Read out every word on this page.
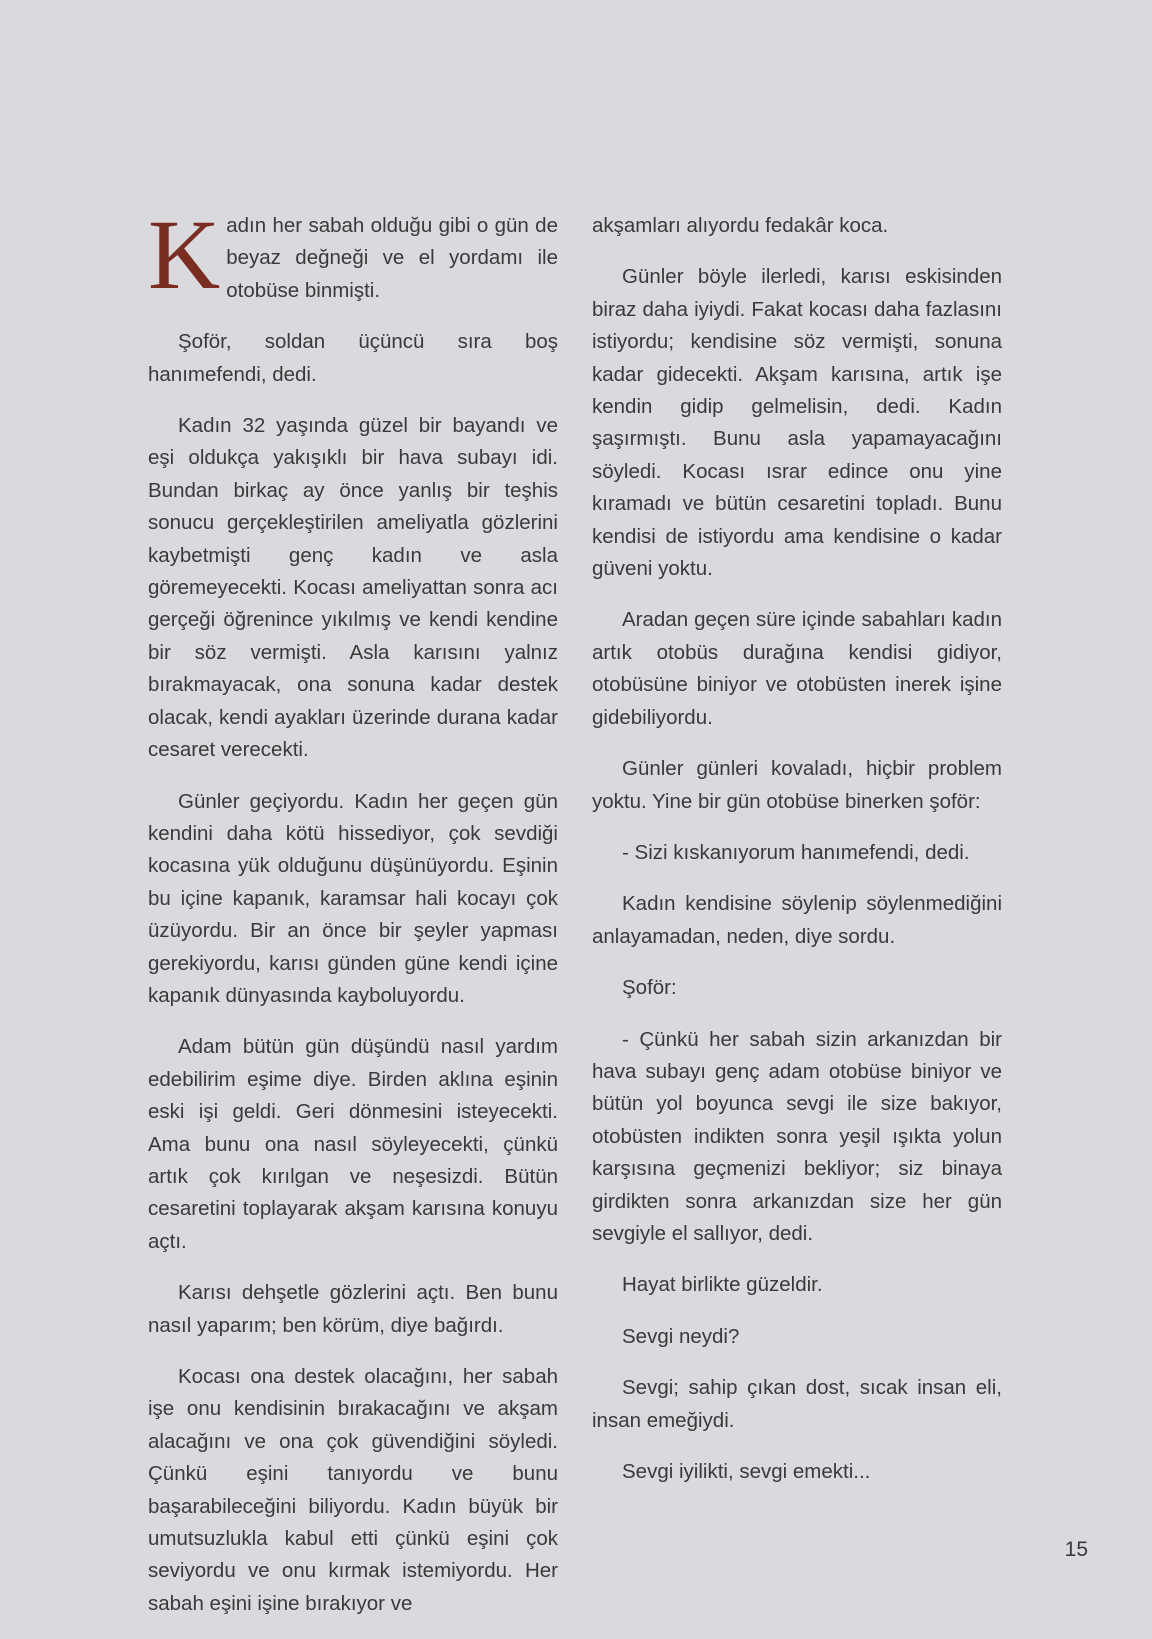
Kadın her sabah olduğu gibi o gün de beyaz değneği ve el yordamı ile otobüse binmişti.

Şoför, soldan üçüncü sıra boş hanımefendi, dedi.

Kadın 32 yaşında güzel bir bayandı ve eşi oldukça yakışıklı bir hava subayı idi. Bundan birkaç ay önce yanlış bir teşhis sonucu gerçekleştirilen ameliyatla gözlerini kaybetmişti genç kadın ve asla göremeyecekti. Kocası ameliyattan sonra acı gerçeği öğrenince yıkılmış ve kendi kendine bir söz vermişti. Asla karısını yalnız bırakmayacak, ona sonuna kadar destek olacak, kendi ayakları üzerinde durana kadar cesaret verecekti.

Günler geçiyordu. Kadın her geçen gün kendini daha kötü hissediyor, çok sevdiği kocasına yük olduğunu düşünüyordu. Eşinin bu içine kapanık, karamsar hali kocayı çok üzüyordu. Bir an önce bir şeyler yapması gerekiyordu, karısı günden güne kendi içine kapanık dünyasında kayboluyordu.

Adam bütün gün düşündü nasıl yardım edebilirim eşime diye. Birden aklına eşinin eski işi geldi. Geri dönmesini isteyecekti. Ama bunu ona nasıl söyleyecekti, çünkü artık çok kırılgan ve neşesizdi. Bütün cesaretini toplayarak akşam karısına konuyu açtı.

Karısı dehşetle gözlerini açtı. Ben bunu nasıl yaparım; ben körüm, diye bağırdı.

Kocası ona destek olacağını, her sabah işe onu kendisinin bırakacağını ve akşam alacağını ve ona çok güvendiğini söyledi. Çünkü eşini tanıyordu ve bunu başarabileceğini biliyordu. Kadın büyük bir umutsuzlukla kabul etti çünkü eşini çok seviyordu ve onu kırmak istemiyordu. Her sabah eşini işine bırakıyor ve

akşamları alıyordu fedakâr koca.

Günler böyle ilerledi, karısı eskisinden biraz daha iyiydi. Fakat kocası daha fazlasını istiyordu; kendisine söz vermişti, sonuna kadar gidecekti. Akşam karısına, artık işe kendin gidip gelmelisin, dedi. Kadın şaşırmıştı. Bunu asla yapamayacağını söyledi. Kocası ısrar edince onu yine kıramadı ve bütün cesaretini topladı. Bunu kendisi de istiyordu ama kendisine o kadar güveni yoktu.

Aradan geçen süre içinde sabahları kadın artık otobüs durağına kendisi gidiyor, otobüsüne biniyor ve otobüsten inerek işine gidebiliyordu.

Günler günleri kovaladı, hiçbir problem yoktu. Yine bir gün otobüse binerken şoför:

- Sizi kıskanıyorum hanımefendi, dedi.

Kadın kendisine söylenip söylenmediğini anlayamadan, neden, diye sordu.

Şoför:

- Çünkü her sabah sizin arkanızdan bir hava subayı genç adam otobüse biniyor ve bütün yol boyunca sevgi ile size bakıyor, otobüsten indikten sonra yeşil ışıkta yolun karşısına geçmenizi bekliyor; siz binaya girdikten sonra arkanızdan size her gün sevgiyle el sallıyor, dedi.

Hayat birlikte güzeldir.

Sevgi neydi?

Sevgi; sahip çıkan dost, sıcak insan eli, insan emeğiydi.

Sevgi iyilikti, sevgi emekti...

15
